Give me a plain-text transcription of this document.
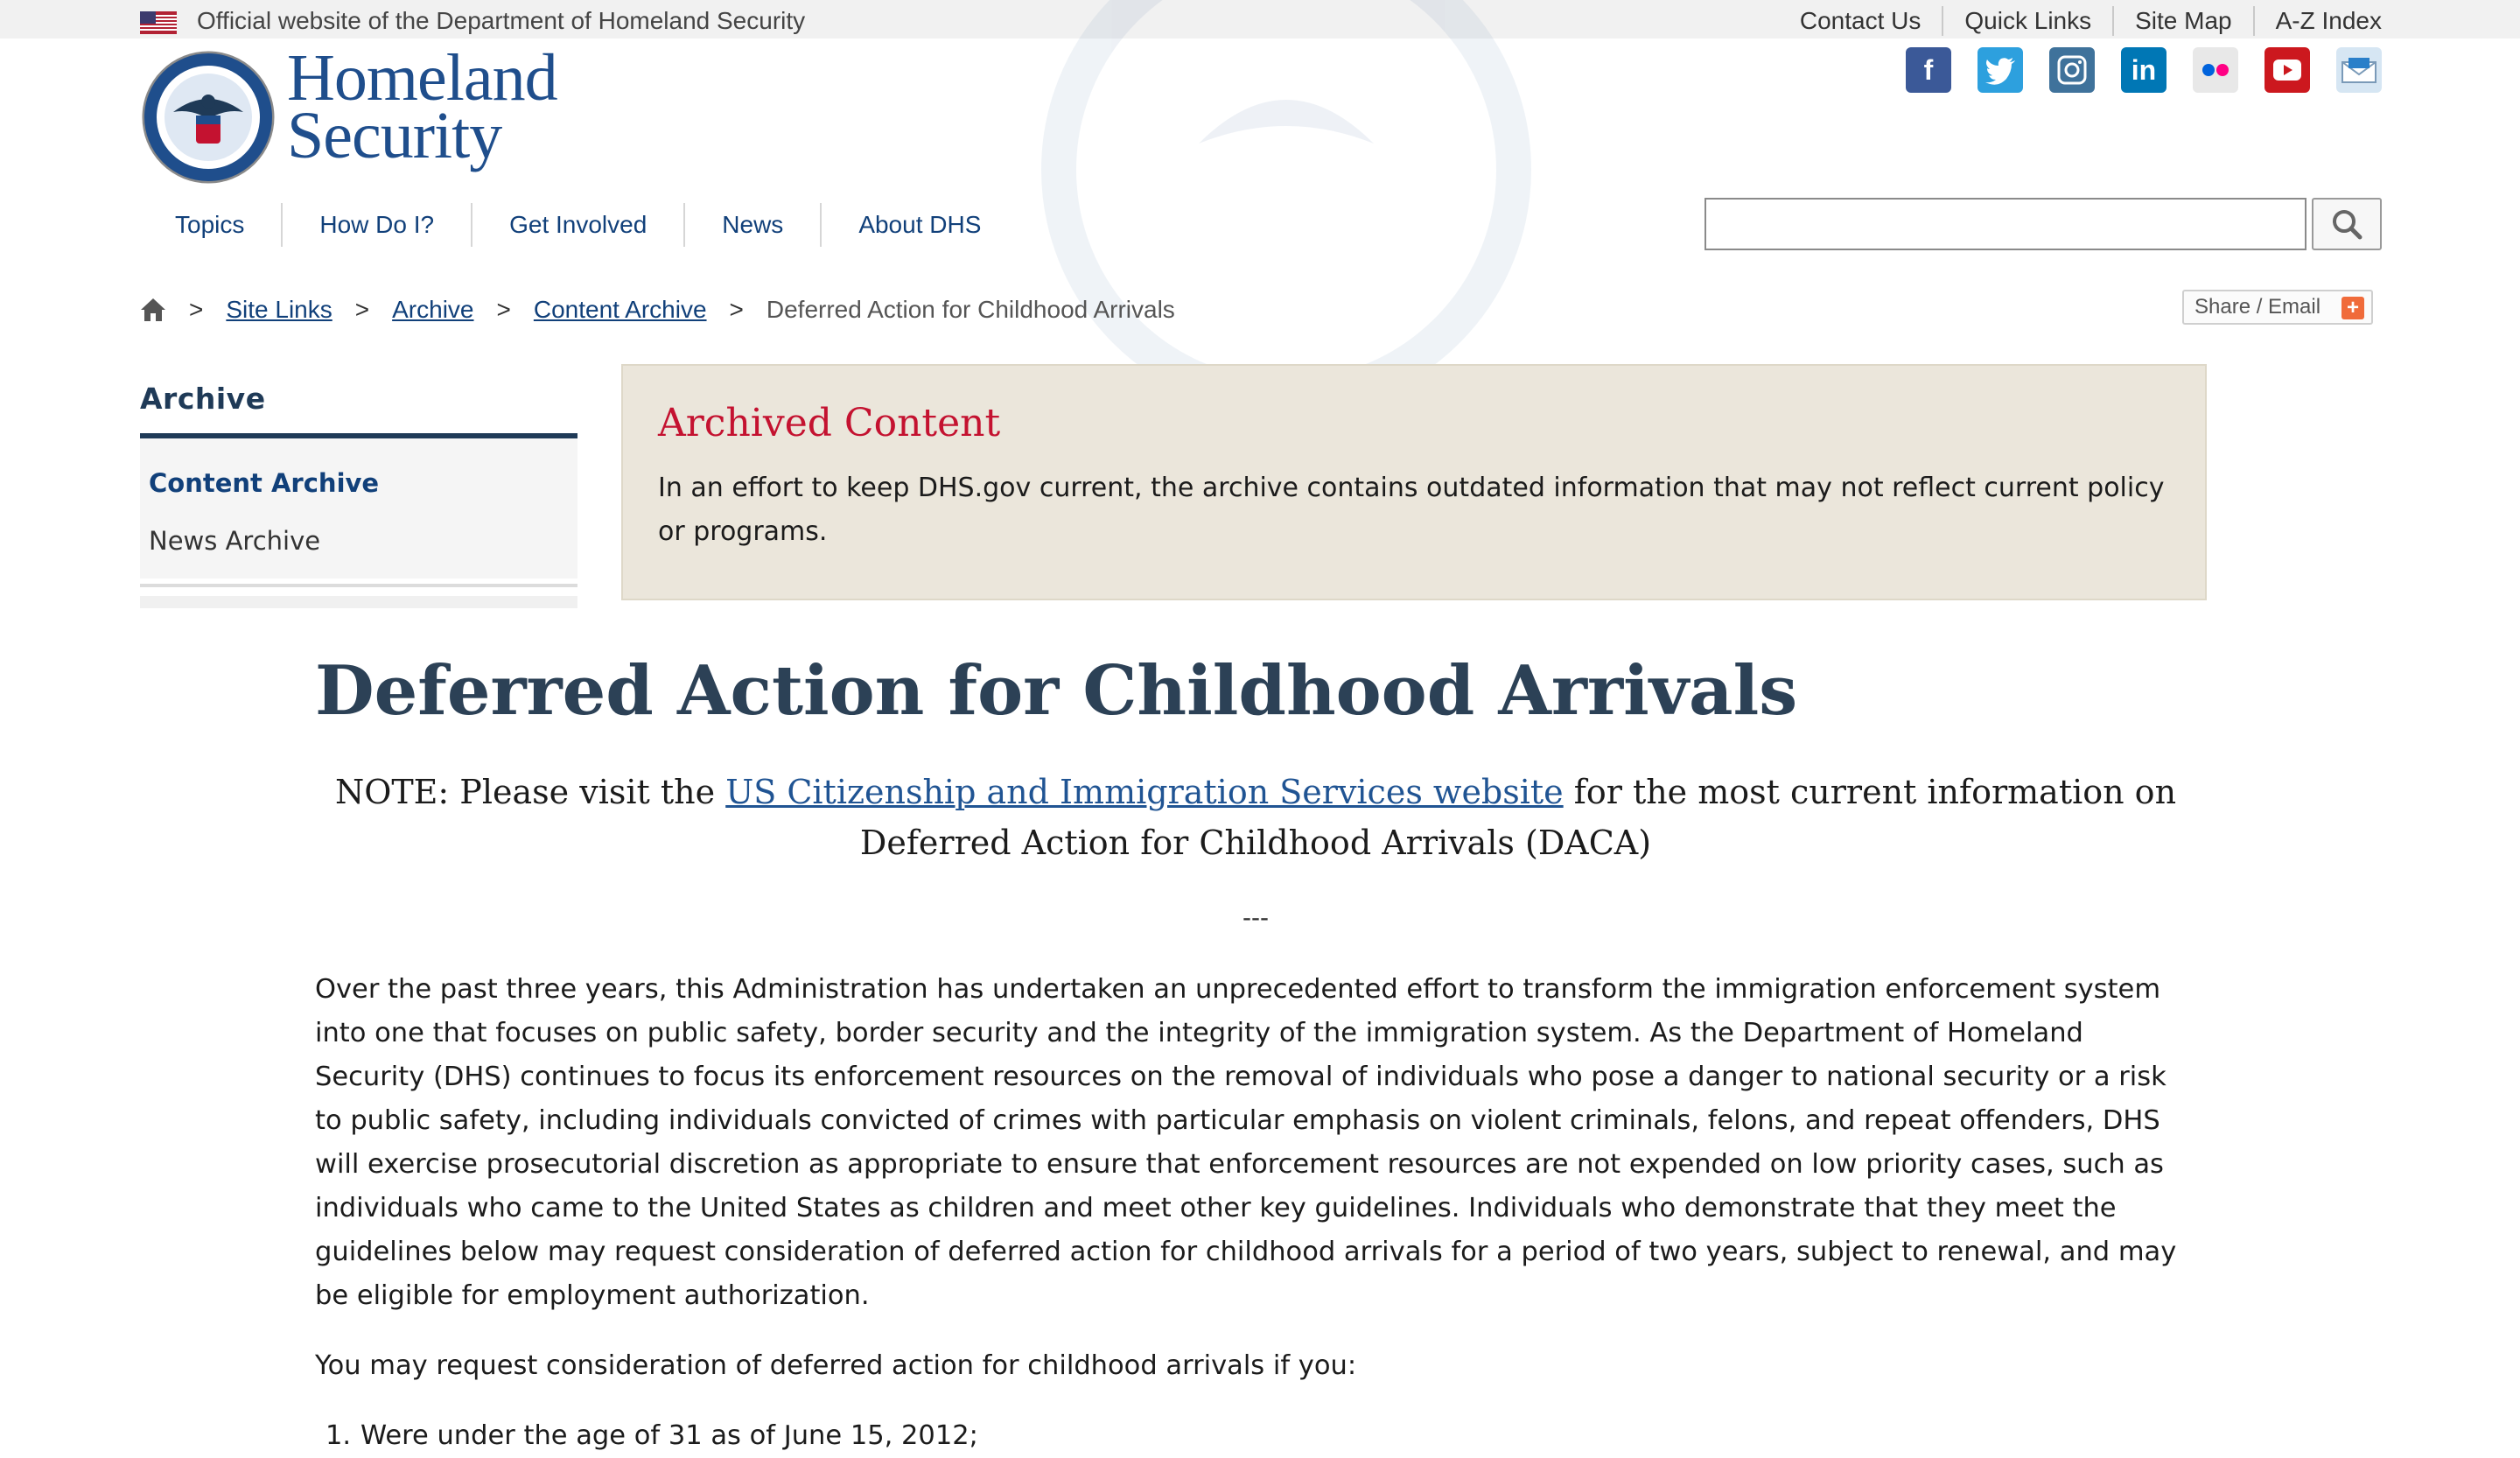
Official website of the Department of Homeland Security	Contact Us	Quick Links	Site Map	A-Z Index
Homeland
Security
f	in
Topics	How Do I?	Get Involved	News	About DHS
> Site Links > Archive > Content Archive > Deferred Action for Childhood Arrivals	Share / Email +
Archive
Content Archive
News Archive
Archived Content
In an effort to keep DHS.gov current, the archive contains outdated information that may not reflect current policy or programs.
Deferred Action for Childhood Arrivals

NOTE: Please visit the US Citizenship and Immigration Services website for the most current information on Deferred Action for Childhood Arrivals (DACA)

---

Over the past three years, this Administration has undertaken an unprecedented effort to transform the immigration enforcement system into one that focuses on public safety, border security and the integrity of the immigration system. As the Department of Homeland Security (DHS) continues to focus its enforcement resources on the removal of individuals who pose a danger to national security or a risk to public safety, including individuals convicted of crimes with particular emphasis on violent criminals, felons, and repeat offenders, DHS will exercise prosecutorial discretion as appropriate to ensure that enforcement resources are not expended on low priority cases, such as individuals who came to the United States as children and meet other key guidelines. Individuals who demonstrate that they meet the guidelines below may request consideration of deferred action for childhood arrivals for a period of two years, subject to renewal, and may be eligible for employment authorization.

You may request consideration of deferred action for childhood arrivals if you:

1. Were under the age of 31 as of June 15, 2012;
